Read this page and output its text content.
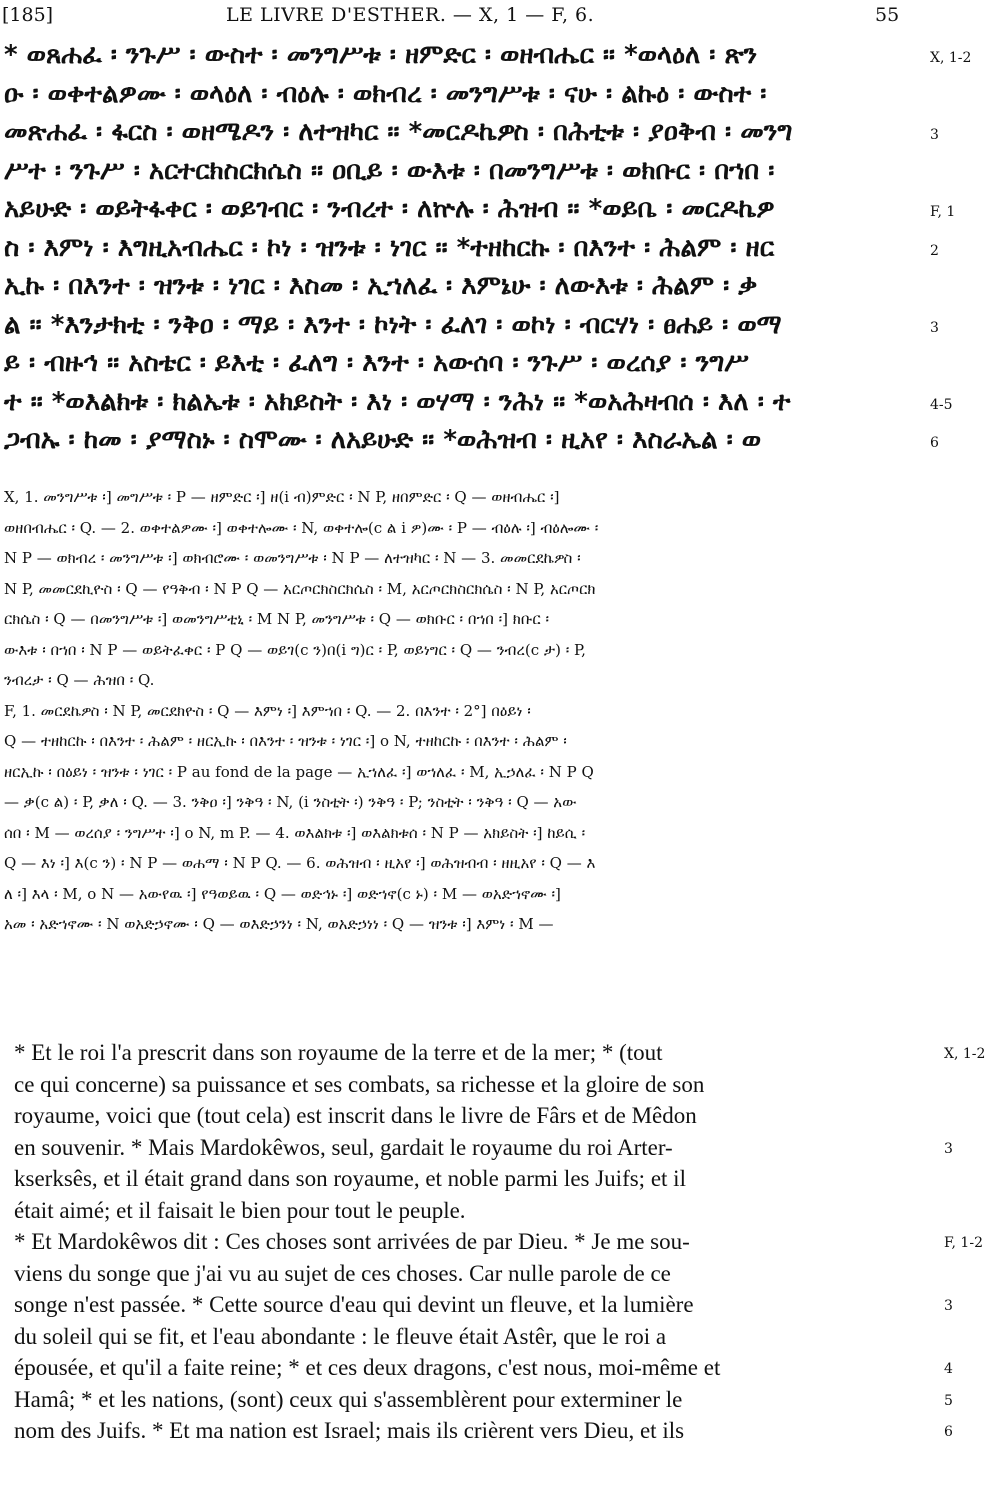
[185]	LE LIVRE D'ESTHER. — X, 1 — F, 6.	55
* ወጸሐፈ ፡ ንጉሥ ፡ ውስተ ፡ መንግሥቱ ፡ ዘምድር ፡ ወዘብሔር ። *ወላዕለ ፡ ጽን	X, 1-2
ዑ ፡ ወቀተልዎሙ ፡ ወላዕለ ፡ ብዕሉ ፡ ወክብረ ፡ መንግሥቱ ፡ ናሁ ፡ ልኩዕ ፡ ውስተ ፡
መጽሐፈ ፡ ፋርስ ፡ ወዘሜዶን ፡ ለተዝካር ። *መርዶኬዎስ ፡ በሕቲቱ ፡ ያዐቅብ ፡ መንግ	3
ሥተ ፡ ንጉሥ ፡ አርተርክስርክሴስ ። ዐቢይ ፡ ውእቱ ፡ በመንግሥቱ ፡ ወክቡር ፡ በኀበ ፡
አይሁድ ፡ ወይትፋቀር ፡ ወይገብር ፡ ንብረተ ፡ ለኵሉ ፡ ሕዝብ ። *ወይቤ ፡ መርዶኬዎ	F, 1
ስ ፡ እምነ ፡ እግዚአብሔር ፡ ኮነ ፡ ዝንቱ ፡ ነገር ። *ተዘከርኩ ፡ በእንተ ፡ ሕልም ፡ ዘር	2
ኢኩ ፡ በእንተ ፡ ዝንቱ ፡ ነገር ፡ እስመ ፡ ኢኀለፈ ፡ እምኔሁ ፡ ለውእቱ ፡ ሕልም ፡ ቃ
ል ። *እንታክቲ ፡ ንቅዐ ፡ ማይ ፡ እንተ ፡ ኮነት ፡ ፈለገ ፡ ወኮነ ፡ ብርሃነ ፡ ፀሐይ ፡ ወማ	3
ይ ፡ ብዙኅ ። አስቴር ፡ ይእቲ ፡ ፈለግ ፡ እንተ ፡ አውሰባ ፡ ንጉሥ ፡ ወረሰያ ፡ ንግሥ
ተ ። *ወእልክቱ ፡ ክልኤቱ ፡ አክይስት ፡ እነ ፡ ወሃማ ፡ ንሕነ ። *ወአሕዛብሰ ፡ እለ ፡ ተ	4-5
ጋብኡ ፡ ከመ ፡ ያማስኑ ፡ ስሞሙ ፡ ለአይሁድ ። *ወሕዝብ ፡ ዚአየ ፡ እስራኤል ፡ ወ	6
X, 1. መንግሥቱ ፡] መግሥቱ ፡ P — ዘምድር ፡] ዘ(i ብ)ምድር ፡ N P, ዘበምድር ፡ Q — ወዘብሔር ፡]
ወዘበብሔር ፡ Q. — 2. ወቀተልዎሙ ፡] ወቀተሎሙ ፡ N, ወቀተሎ(c ል i ዎ)ሙ ፡ P — ብዕሉ ፡] ብዕሎሙ ፡
N P — ወክብረ ፡ መንግሥቱ ፡] ወክብሮሙ ፡ ወመንግሥቱ ፡ N P — ለተዝካር ፡ N — 3. መመርደኬዎስ ፡
N P, መመርደኪዮስ ፡ Q — የዓቅብ ፡ N P Q — አርጦርክስርክሴስ ፡ M, አርጦርክስርክሴስ ፡ N P, አርጦርክ
ርክሴስ ፡ Q — በመንግሥቱ ፡] ወመንግሥቲኒ ፡ M N P, መንግሥቱ ፡ Q — ወክቡር ፡ በኀበ ፡] ክቡር ፡
ውእቱ ፡ በኀበ ፡ N P — ወይትፈቀር ፡ P Q — ወይገ(c ን)በ(i ግ)ር ፡ P, ወይነግር ፡ Q — ንብረ(c ታ) ፡ P,
ንብረታ ፡ Q — ሕዝበ ፡ Q.
F, 1. መርደኬዎስ ፡ N P, መርደክዮስ ፡ Q — እምነ ፡] እምኀበ ፡ Q. — 2. በእንተ ፡ 2°] በዕይነ ፡
Q — ተዘከርኩ ፡ በእንተ ፡ ሕልም ፡ ዘርኢኩ ፡ በእንተ ፡ ዝንቱ ፡ ነገር ፡] o N, ተዘከርኩ ፡ በእንተ ፡ ሕልም ፡
ዘርኢኩ ፡ በዕይነ ፡ ዝንቱ ፡ ነገር ፡ P au fond de la page — ኢኀለፈ ፡] ወኀለፈ ፡ M, ኢኃለፈ ፡ N P Q
— ቃ(c ል) ፡ P, ቃለ ፡ Q. — 3. ንቅዐ ፡] ንቅዓ ፡ N, (i ንስቲት ፡) ንቅዓ ፡ P; ንስቲት ፡ ንቅዓ ፡ Q — አው
ሰበ ፡ M — ወረሰያ ፡ ንግሥተ ፡] o N, m P. — 4. ወእልክቱ ፡] ወእልክቱሰ ፡ N P — አክይስት ፡] ከይሲ ፡
Q — እነ ፡] እ(c ን) ፡ N P — ወሐማ ፡ N P Q. — 6. ወሕዝብ ፡ ዚአየ ፡] ወሕዝብብ ፡ ዘዚአየ ፡ Q — እ
ለ ፡] እላ ፡ M, o N — አውየዉ ፡] የዓወይዉ ፡ Q — ወድኅኑ ፡] ወድኀኖ(c ኑ) ፡ M — ወአድኀኖሙ ፡]
አመ ፡ አድኀኖሙ ፡ N ወአድኃኖሙ ፡ Q — ወእድኃንነ ፡ N, ወአድኃነነ ፡ Q — ዝንቱ ፡] እምነ ፡ M —
* Et le roi l'a prescrit dans son royaume de la terre et de la mer; * (tout	X, 1-2
ce qui concerne) sa puissance et ses combats, sa richesse et la gloire de son
royaume, voici que (tout cela) est inscrit dans le livre de Fârs et de Mêdon
en souvenir. * Mais Mardokêwos, seul, gardait le royaume du roi Arter-	3
kserksês, et il était grand dans son royaume, et noble parmi les Juifs; et il
était aimé; et il faisait le bien pour tout le peuple.
* Et Mardokêwos dit : Ces choses sont arrivées de par Dieu. * Je me sou-	F, 1-2
viens du songe que j'ai vu au sujet de ces choses. Car nulle parole de ce
songe n'est passée. * Cette source d'eau qui devint un fleuve, et la lumière	3
du soleil qui se fit, et l'eau abondante : le fleuve était Astêr, que le roi a
épousée, et qu'il a faite reine; * et ces deux dragons, c'est nous, moi-même et	4
Hamâ; * et les nations, (sont) ceux qui s'assemblèrent pour exterminer le	5
nom des Juifs. * Et ma nation est Israel; mais ils crièrent vers Dieu, et ils	6
